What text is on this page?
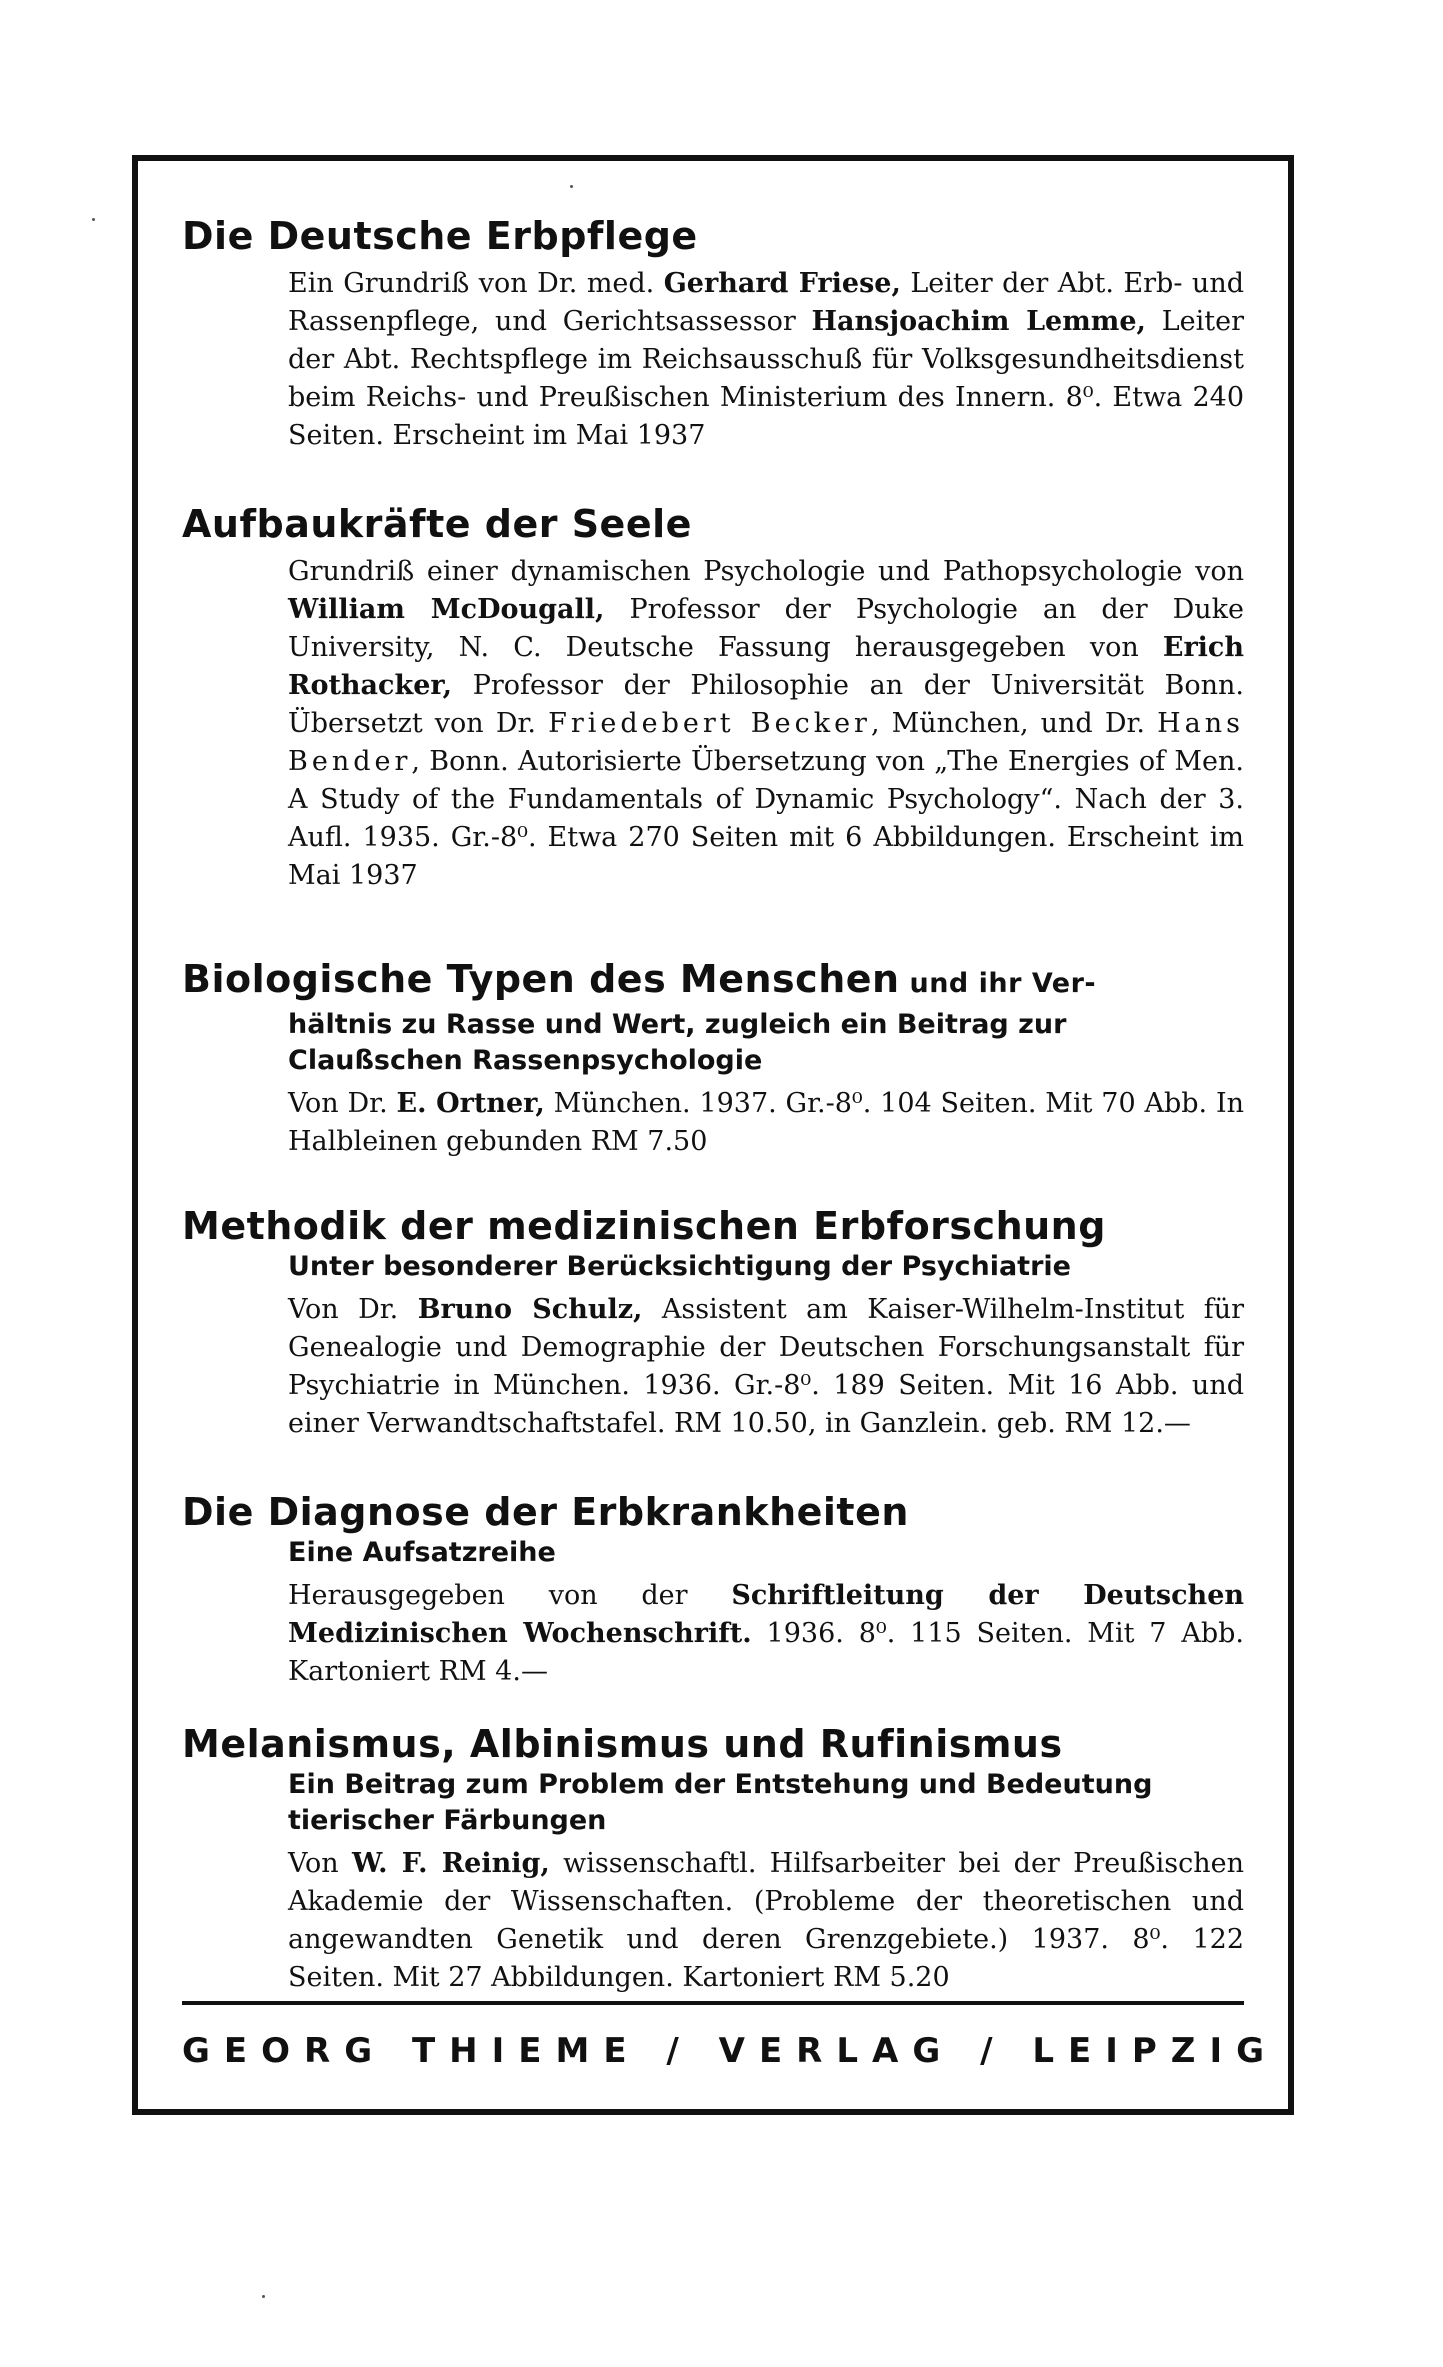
Die Deutsche Erbpflege
Ein Grundriß von Dr. med. Gerhard Friese, Leiter der Abt. Erb- und Rassenpflege, und Gerichtsassessor Hansjoachim Lemme, Leiter der Abt. Rechtspflege im Reichsausschuß für Volksgesundheitsdienst beim Reichs- und Preußischen Ministerium des Innern. 8⁰. Etwa 240 Seiten. Erscheint im Mai 1937
Aufbaukräfte der Seele
Grundriß einer dynamischen Psychologie und Pathopsychologie von William McDougall, Professor der Psychologie an der Duke University, N. C. Deutsche Fassung herausgegeben von Erich Rothacker, Professor der Philosophie an der Universität Bonn. Übersetzt von Dr. Friedebert Becker, München, und Dr. Hans Bender, Bonn. Autorisierte Übersetzung von „The Energies of Men. A Study of the Fundamentals of Dynamic Psychology“. Nach der 3. Aufl. 1935. Gr.-8⁰. Etwa 270 Seiten mit 6 Abbildungen. Erscheint im Mai 1937
Biologische Typen des Menschen und ihr Ver-

hältnis zu Rasse und Wert, zugleich ein Beitrag zur Claußschen Rassenpsychologie

Von Dr. E. Ortner, München. 1937. Gr.-8⁰. 104 Seiten. Mit 70 Abb. In Halbleinen gebunden RM 7.50
Methodik der medizinischen Erbforschung

Unter besonderer Berücksichtigung der Psychiatrie

Von Dr. Bruno Schulz, Assistent am Kaiser-Wilhelm-Institut für Genealogie und Demographie der Deutschen Forschungsanstalt für Psychiatrie in München. 1936. Gr.-8⁰. 189 Seiten. Mit 16 Abb. und einer Verwandtschaftstafel. RM 10.50, in Ganzlein. geb. RM 12.—
Die Diagnose der Erbkrankheiten

Eine Aufsatzreihe

Herausgegeben von der Schriftleitung der Deutschen Medizinischen Wochenschrift. 1936. 8⁰. 115 Seiten. Mit 7 Abb. Kartoniert RM 4.—
Melanismus, Albinismus und Rufinismus

Ein Beitrag zum Problem der Entstehung und Bedeutung tierischer Färbungen

Von W. F. Reinig, wissenschaftl. Hilfsarbeiter bei der Preußischen Akademie der Wissenschaften. (Probleme der theoretischen und angewandten Genetik und deren Grenzgebiete.) 1937. 8⁰. 122 Seiten. Mit 27 Abbildungen. Kartoniert RM 5.20
GEORG THIEME / VERLAG / LEIPZIG
